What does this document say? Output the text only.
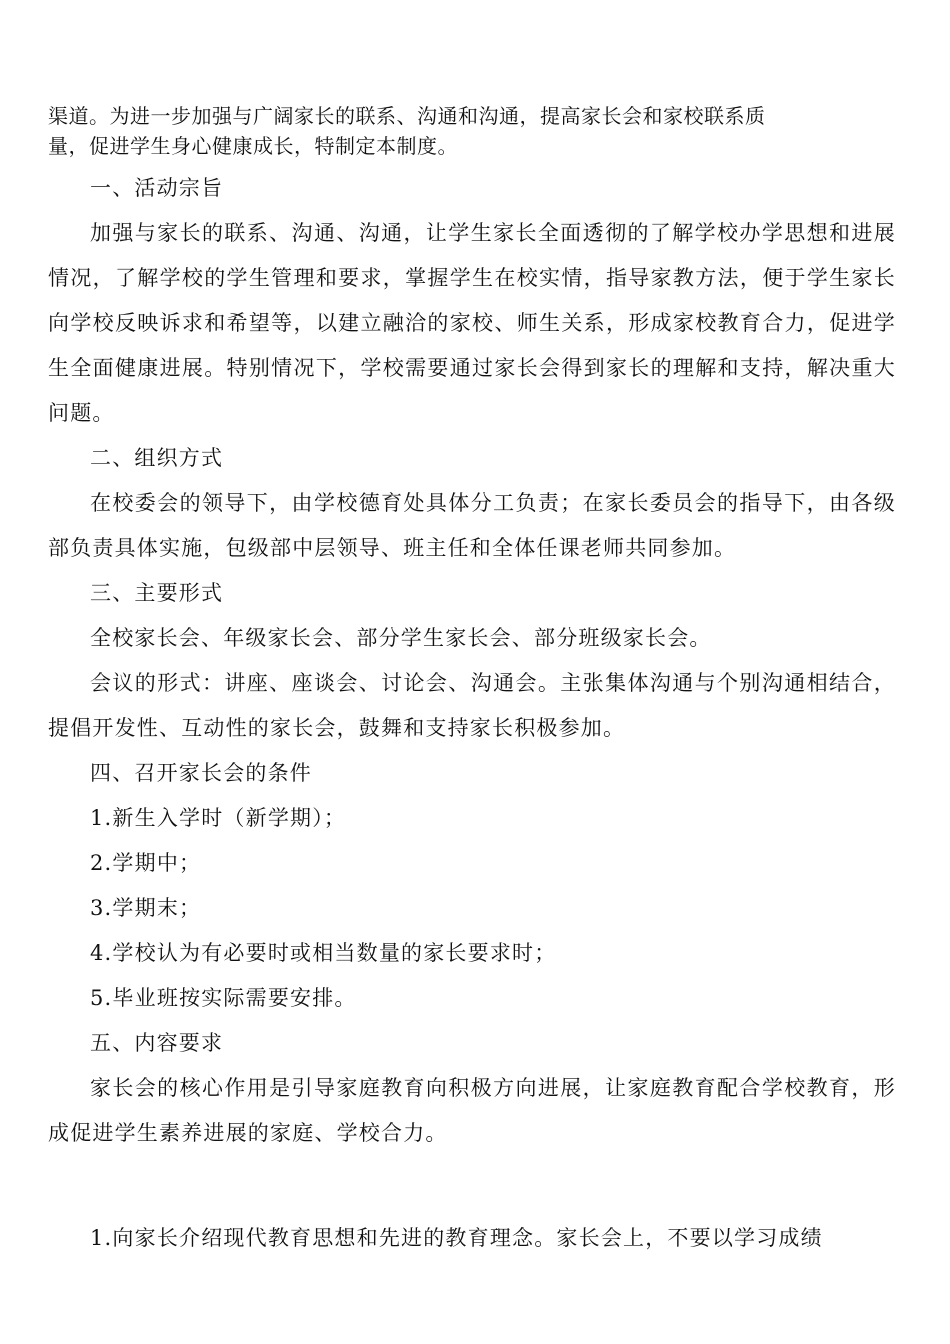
渠道。为进一步加强与广阔家长的联系、沟通和沟通，提高家长会和家校联系质

量，促进学生身心健康成长，特制定本制度。

一、活动宗旨

加强与家长的联系、沟通、沟通，让学生家长全面透彻的了解学校办学思想和进展情况，了解学校的学生管理和要求，掌握学生在校实情，指导家教方法，便于学生家长向学校反映诉求和希望等，以建立融洽的家校、师生关系，形成家校教育合力，促进学生全面健康进展。特别情况下，学校需要通过家长会得到家长的理解和支持，解决重大问题。

二、组织方式

在校委会的领导下，由学校德育处具体分工负责；在家长委员会的指导下，由各级部负责具体实施，包级部中层领导、班主任和全体任课老师共同参加。

三、主要形式

全校家长会、年级家长会、部分学生家长会、部分班级家长会。

会议的形式：讲座、座谈会、讨论会、沟通会。主张集体沟通与个别沟通相结合，提倡开发性、互动性的家长会，鼓舞和支持家长积极参加。

四、召开家长会的条件

1.新生入学时（新学期）；

2.学期中；

3.学期末；

4.学校认为有必要时或相当数量的家长要求时；

5.毕业班按实际需要安排。

五、内容要求

家长会的核心作用是引导家庭教育向积极方向进展，让家庭教育配合学校教育，形成促进学生素养进展的家庭、学校合力。

1.向家长介绍现代教育思想和先进的教育理念。家长会上，不要以学习成绩
